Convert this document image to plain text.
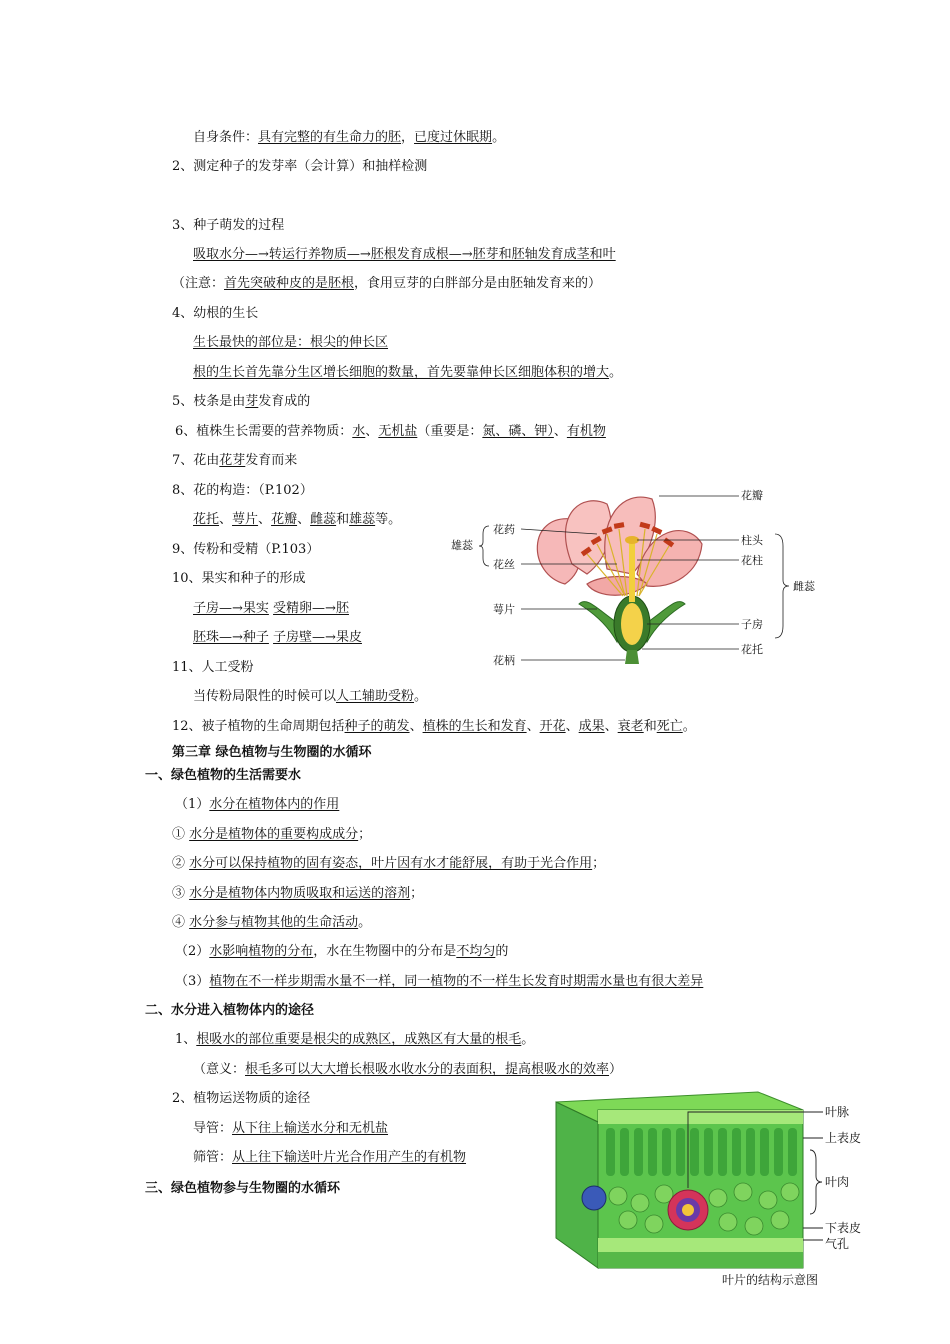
自身条件：具有完整的有生命力的胚，已度过休眠期。
2、测定种子的发芽率（会计算）和抽样检测
3、种子萌发的过程
吸取水分—→转运行养物质—→胚根发育成根—→胚芽和胚轴发育成茎和叶
（注意：首先突破种皮的是胚根，食用豆芽的白胖部分是由胚轴发育来的）
4、幼根的生长
生长最快的部位是：根尖的伸长区
根的生长首先靠分生区增长细胞的数量，首先要靠伸长区细胞体积的增大。
5、枝条是由芽发育成的
6、植株生长需要的营养物质：水、无机盐（重要是：氮、磷、钾）、有机物
7、花由花芽发育而来
8、花的构造：（P.102）
花托、萼片、花瓣、雌蕊和雄蕊等。
9、传粉和受精（P.103）
10、果实和种子的形成
子房—→果实 受精卵—→胚
胚珠—→种子 子房壁—→果皮
11、人工受粉
当传粉局限性的时候可以人工辅助受粉。
12、被子植物的生命周期包括种子的萌发、植株的生长和发育、开花、成果、衰老和死亡。
第三章 绿色植物与生物圈的水循环
一、绿色植物的生活需要水
（1）水分在植物体内的作用
① 水分是植物体的重要构成成分；
② 水分可以保持植物的固有姿态，叶片因有水才能舒展，有助于光合作用；
③ 水分是植物体内物质吸取和运送的溶剂；
④ 水分参与植物其他的生命活动。
（2）水影响植物的分布，水在生物圈中的分布是不均匀的
（3）植物在不一样步期需水量不一样，同一植物的不一样生长发育时期需水量也有很大差异
二、水分进入植物体内的途径
1、根吸水的部位重要是根尖的成熟区，成熟区有大量的根毛。
（意义：根毛多可以大大增长根吸水收水分的表面积，提高根吸水的效率）
2、植物运送物质的途径
导管：从下往上输送水分和无机盐
筛管：从上往下输送叶片光合作用产生的有机物
三、绿色植物参与生物圈的水循环
花瓣
雄蕊
花药
花丝
柱头
花柱
雌蕊
萼片
子房
花托
花柄
叶脉
上表皮
叶肉
下表皮
气孔
叶片的结构示意图
